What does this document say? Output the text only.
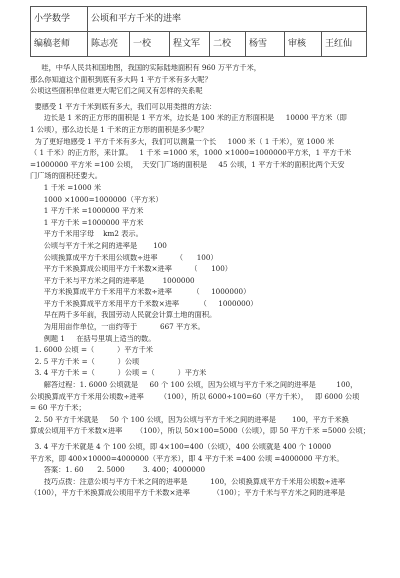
小学数学	公顷和平方千米的进率						
编稿老师	陈志亮	一校	程文军	二校	杨雪	审核	王红仙
哇，中华人民共和国地图，我国的实际陆地面积有 960 万平方千米，
那么你知道这个面积到底有多大吗 1 平方千米有多大呢？
公顷这些面积单位谁更大呢它们之间又有怎样的关系呢
要感受 1 平方千米到底有多大，我们可以用类推的方法：
边长是 1 米的正方形的面积是 1 平方米，边长是 100 米的正方形面积是     10000 平方米（即
1 公顷），那么边长是 1 千米的正方形的面积是多少呢？
为了更好地感受 1 平方千米有多大，我们可以测量一个长     1000 米（ 1 千米），宽 1000 米
（ 1 千米）的正方形，来计算。   1 千米 =1000 米，1000 ×1000=1000000平方米，1 平方千米
=1000000 平方米 =100 公顷，  天安门广场的面积是     45 公顷，1 平方千米的面积比两个天安
门广场的面积还要大。
1 千米 =1000 米
1000 ×1000=1000000（平方米）
1 平方千米 =1000000 平方米
1 平方千米 =1000000 平方米
平方千米用字母    km2 表示。
公顷与平方千米之间的进率是       100
公顷换算成平方千米用公顷数÷进率        （      100）
平方千米换算成公顷用平方千米数×进率        （      100）
平方千米与平方米之间的进率是        1000000
平方米换算成平方千米用平方米数÷进率         （     1000000）
平方千米换算成平方米用平方千米数×进率         （     1000000）
早在两千多年前，我国劳动人民就会计算土地的面积。
为用用亩作单位，一亩约等于          667 平方米。
例题 1     在括号里填上适当的数。
1. 6000 公顷 =（          ）平方千米
2. 5 平方千米 =（          ）公顷
3. 4 平方千米 =（          ）公顷 =（          ）平方米
解答过程：1. 6000 公顷就是     60 个 100 公顷，因为公顷与平方千米之间的进率是         100，
公顷换算成平方千米用公顷数÷进率       （100），所以 6000÷100=60（平方千米），   即 6000 公顷
= 60 平方千米；
2. 50 平方千米就是     50 个 100 公顷，因为公顷与平方千米之间的进率是       100，平方千米换
算成公顷用平方千米数×进率      （100），所以 50×100=5000（公顷），即 50 平方千米 =5000 公顷；
3. 4 平方千米就是 4 个 100 公顷，即 4×100=400（公顷），400 公顷就是 400 个 10000
平方米，即 400×10000=4000000（平方米），即 4 平方千米 =400 公顷 =4000000 平方米。
答案：1. 60      2. 5000        3. 400；4000000
技巧点拨：注意公顷与平方千米之间的进率是          100，公顷换算成平方千米用公顷数÷进率
（100），平方千米换算成公顷用平方千米数×进率          （100）；平方千米与平方米之间的进率是
